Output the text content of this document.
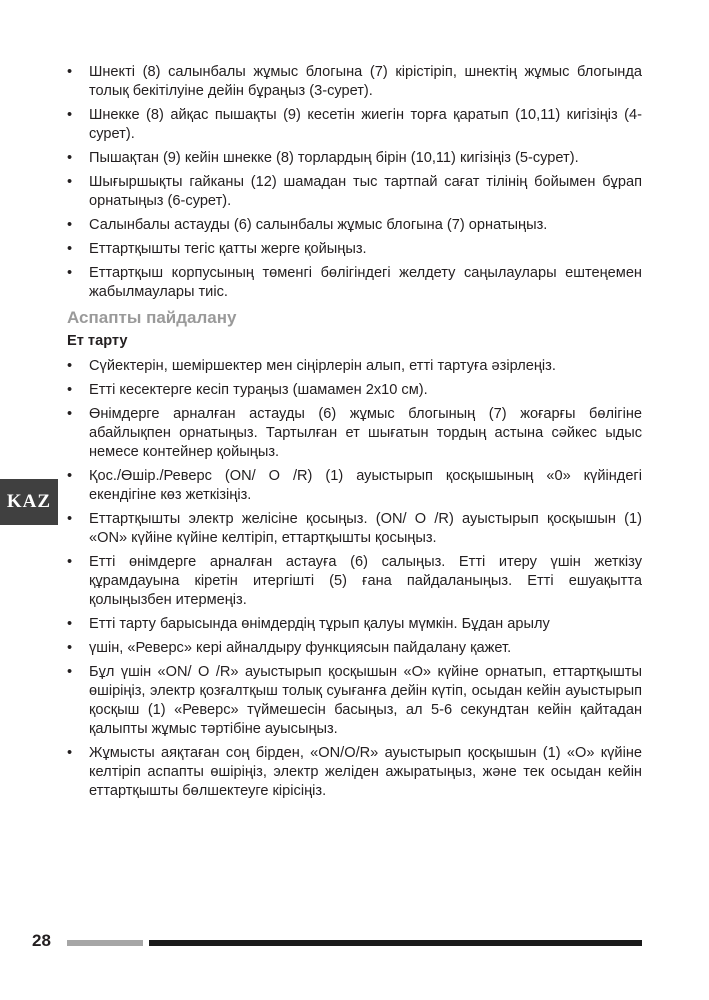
KAZ
• Шнекті (8) салынбалы жұмыс блогына (7) кірістіріп, шнектің жұмыс блогында толық бекітілуіне дейін бұраңыз (3-сурет).
• Шнекке (8) айқас пышақты (9) кесетін жиегін торға қаратып (10,11) кигізіңіз (4-сурет).
• Пышақтан (9) кейін шнекке (8) торлардың бірін (10,11) кигізіңіз (5-сурет).
• Шығыршықты гайканы (12) шамадан тыс тартпай сағат тілінің бойымен бұрап орнатыңыз (6-сурет).
• Салынбалы астауды (6) салынбалы жұмыс блогына (7) орнатыңыз.
• Еттартқышты тегіс қатты жерге қойыңыз.
• Еттартқыш корпусының төменгі бөлігіндегі желдету саңылаулары ештеңемен жабылмаулары тиіс.
Аспапты пайдалану
Ет тарту
• Сүйектерін, шеміршектер мен сіңірлерін алып, етті тартуға әзірлеңіз.
• Етті кесектерге кесіп тураңыз (шамамен 2х10 см).
• Өнімдерге арналған астауды (6) жұмыс блогының (7) жоғарғы бөлігіне абайлықпен орнатыңыз. Тартылған ет шығатын тордың астына сәйкес ыдыс немесе контейнер қойыңыз.
• Қос./Өшір./Реверс (ON/ O /R) (1) ауыстырып қосқышының «0» күйіндегі екендігіне көз жеткізіңіз.
• Еттартқышты электр желісіне қосыңыз. (ON/ O /R) ауыстырып қосқышын (1) «ON» күйіне күйіне келтіріп, еттартқышты қосыңыз.
• Етті өнімдерге арналған астауға (6) салыңыз. Етті итеру үшін жеткізу құрамдауына кіретін итергішті (5) ғана пайдаланыңыз. Етті ешуақытта қолыңызбен итермеңіз.
• Етті тарту барысында өнімдердің тұрып қалуы мүмкін. Бұдан арылу
• үшін, «Реверс» кері айналдыру функциясын пайдалану қажет.
• Бұл үшін «ON/ O /R» ауыстырып қосқышын «O» күйіне орнатып, еттартқышты өшіріңіз, электр қозғалтқыш толық суығанға дейін күтіп, осыдан кейін ауыстырып қосқыш (1) «Реверс» түймешесін басыңыз, ал 5-6 секундтан кейін қайтадан қалыпты жұмыс тәртібіне ауысыңыз.
• Жұмысты аяқтаған соң бірден, «ON/O/R» ауыстырып қосқышын (1) «O» күйіне келтіріп аспапты өшіріңіз, электр желіден ажыратыңыз, және тек осыдан кейін еттартқышты бөлшектеуге кірісіңіз.
28
